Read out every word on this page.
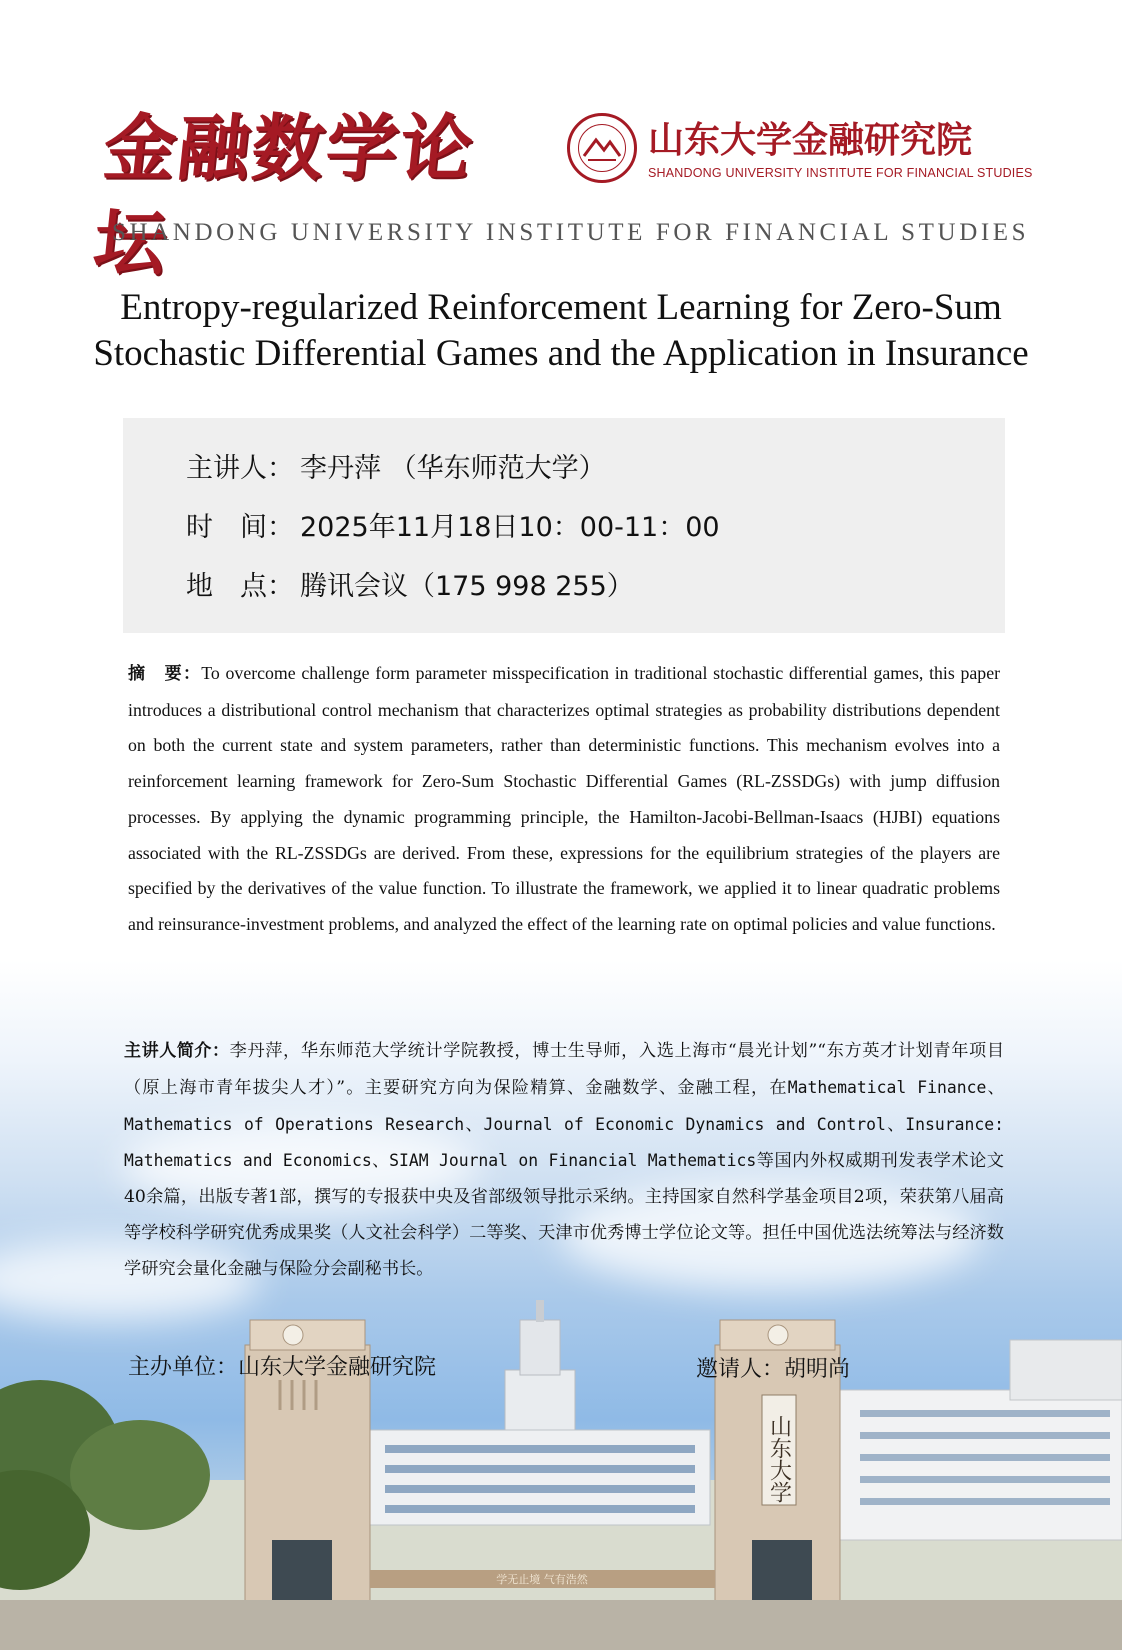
金融数学论坛
山东大学金融研究院
SHANDONG UNIVERSITY INSTITUTE FOR FINANCIAL STUDIES
SHANDONG UNIVERSITY INSTITUTE FOR FINANCIAL STUDIES
Entropy-regularized Reinforcement Learning for Zero-Sum
Stochastic Differential Games and the Application in Insurance
主讲人： 李丹萍 （华东师范大学）
时　间： 2025年11月18日10：00-11：00
地　点： 腾讯会议（175 998 255）
摘　要：To overcome challenge form parameter misspecification in traditional stochastic differential games, this paper introduces a distributional control mechanism that characterizes optimal strategies as probability distributions dependent on both the current state and system parameters, rather than deterministic functions. This mechanism evolves into a reinforcement learning framework for Zero-Sum Stochastic Differential Games (RL-ZSSDGs) with jump diffusion processes. By applying the dynamic programming principle, the Hamilton-Jacobi-Bellman-Isaacs (HJBI) equations associated with the RL-ZSSDGs are derived. From these, expressions for the equilibrium strategies of the players are specified by the derivatives of the value function. To illustrate the framework, we applied it to linear quadratic problems and reinsurance-investment problems, and analyzed the effect of the learning rate on optimal policies and value functions.
主讲人简介：李丹萍，华东师范大学统计学院教授，博士生导师，入选上海市“晨光计划”“东方英才计划青年项目（原上海市青年拔尖人才）”。主要研究方向为保险精算、金融数学、金融工程，在Mathematical Finance、Mathematics of Operations Research、Journal of Economic Dynamics and Control、Insurance: Mathematics and Economics、SIAM Journal on Financial Mathematics等国内外权威期刊发表学术论文40余篇，出版专著1部，撰写的专报获中央及省部级领导批示采纳。主持国家自然科学基金项目2项，荣获第八届高等学校科学研究优秀成果奖（人文社会科学）二等奖、天津市优秀博士学位论文等。担任中国优选法统筹法与经济数学研究会量化金融与保险分会副秘书长。
山东大学
学无止境 气有浩然
主办单位：山东大学金融研究院	邀请人：胡明尚
